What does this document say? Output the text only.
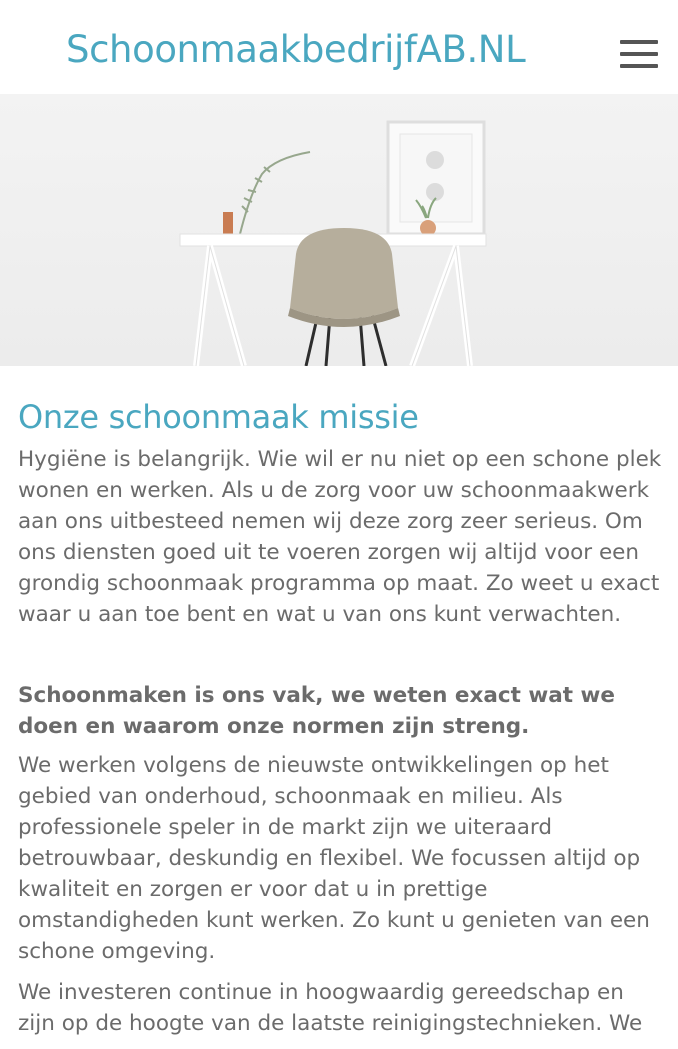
SchoonmaakbedrijfAB.NL
Onze schoonmaak missie

Hygiëne is belangrijk. Wie wil er nu niet op een schone plek wonen en werken. Als u de zorg voor uw schoonmaakwerk aan ons uitbesteed nemen wij deze zorg zeer serieus. Om ons diensten goed uit te voeren zorgen wij altijd voor een grondig schoonmaak programma op maat. Zo weet u exact waar u aan toe bent en wat u van ons kunt verwachten.

Schoonmaken is ons vak, we weten exact wat we doen en waarom onze normen zijn streng.

We werken volgens de nieuwste ontwikkelingen op het gebied van onderhoud, schoonmaak en milieu. Als professionele speler in de markt zijn we uiteraard betrouwbaar, deskundig en flexibel. We focussen altijd op kwaliteit en zorgen er voor dat u in prettige omstandigheden kunt werken. Zo kunt u genieten van een schone omgeving.

We investeren continue in hoogwaardig gereedschap en zijn op de hoogte van de laatste reinigingstechnieken. We
